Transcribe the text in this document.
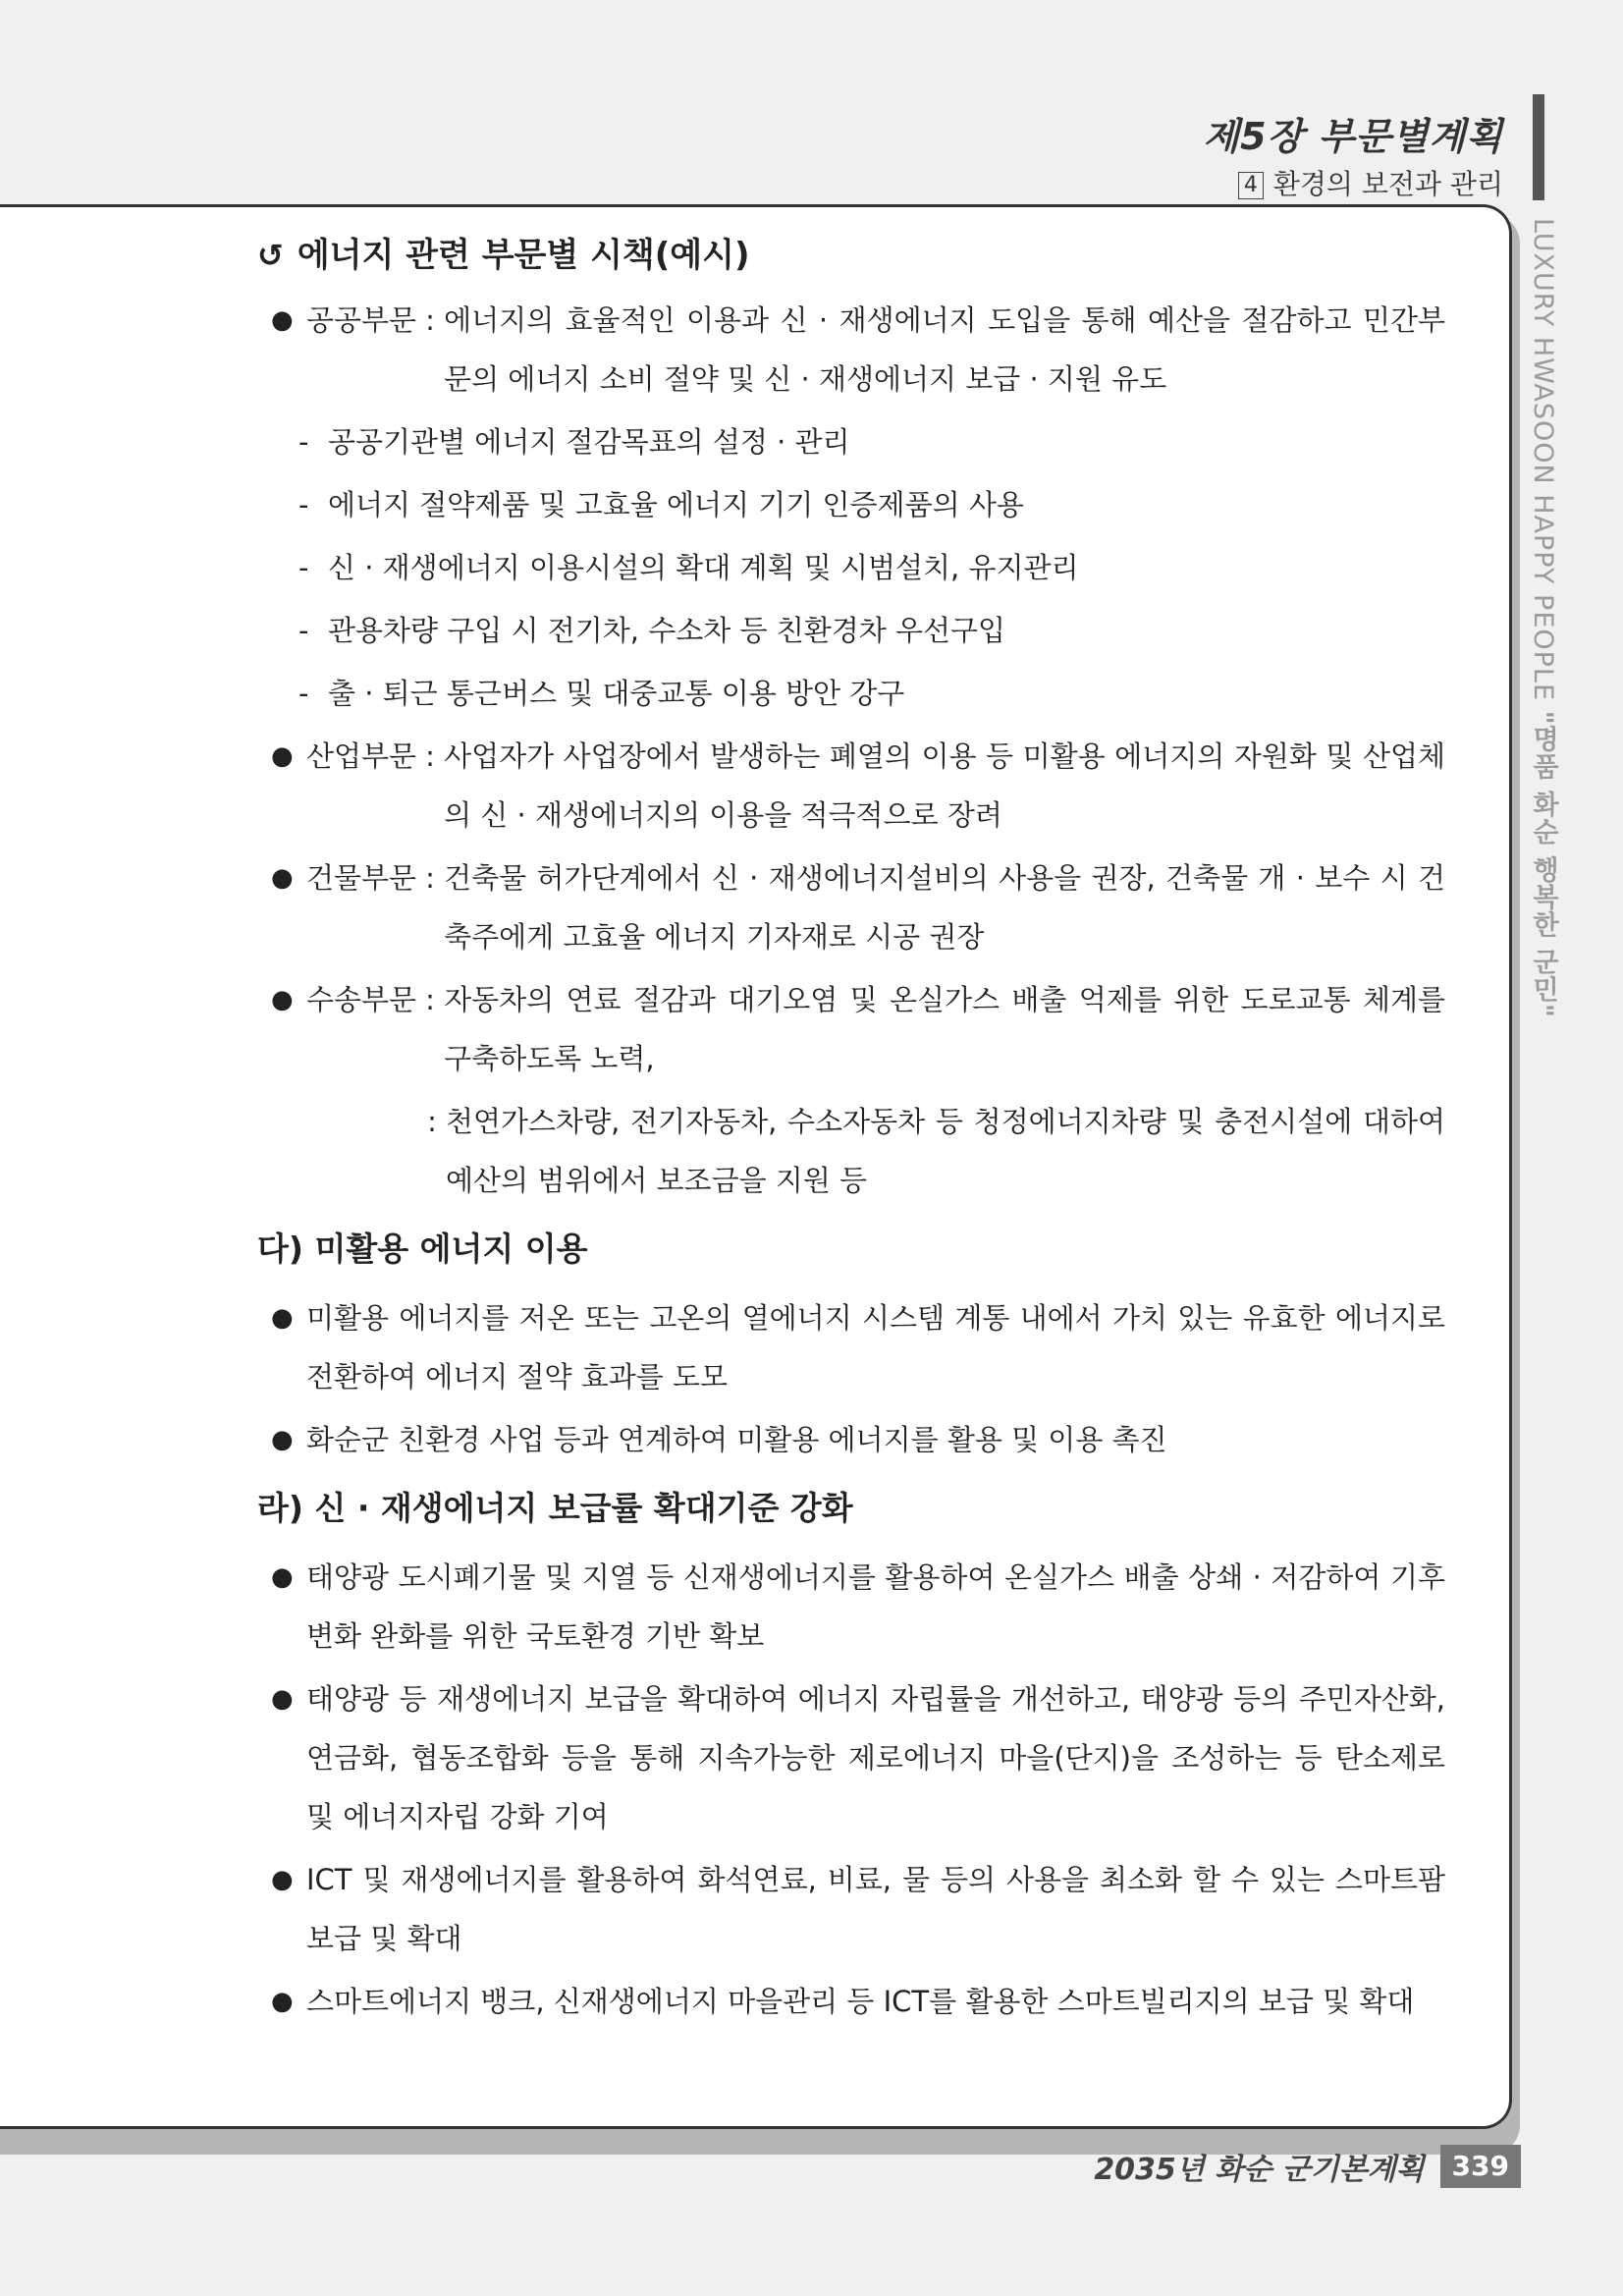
제5장 부문별계획
4 환경의 보전과 관리
LUXURY HWASOON HAPPY PEOPLE "명품 화순 행복한 군민"
↺ 에너지 관련 부문별 시책(예시)
● 공공부문 : 에너지의 효율적인 이용과 신 · 재생에너지 도입을 통해 예산을 절감하고 민간부문의 에너지 소비 절약 및 신 · 재생에너지 보급 · 지원 유도
- 공공기관별 에너지 절감목표의 설정 · 관리
- 에너지 절약제품 및 고효율 에너지 기기 인증제품의 사용
- 신 · 재생에너지 이용시설의 확대 계획 및 시범설치, 유지관리
- 관용차량 구입 시 전기차, 수소차 등 친환경차 우선구입
- 출 · 퇴근 통근버스 및 대중교통 이용 방안 강구
● 산업부문 : 사업자가 사업장에서 발생하는 폐열의 이용 등 미활용 에너지의 자원화 및 산업체의 신 · 재생에너지의 이용을 적극적으로 장려
● 건물부문 : 건축물 허가단계에서 신 · 재생에너지설비의 사용을 권장, 건축물 개 · 보수 시 건축주에게 고효율 에너지 기자재로 시공 권장
● 수송부문 : 자동차의 연료 절감과 대기오염 및 온실가스 배출 억제를 위한 도로교통 체계를 구축하도록 노력,
: 천연가스차량, 전기자동차, 수소자동차 등 청정에너지차량 및 충전시설에 대하여 예산의 범위에서 보조금을 지원 등
다) 미활용 에너지 이용
● 미활용 에너지를 저온 또는 고온의 열에너지 시스템 계통 내에서 가치 있는 유효한 에너지로 전환하여 에너지 절약 효과를 도모
● 화순군 친환경 사업 등과 연계하여 미활용 에너지를 활용 및 이용 촉진
라) 신 · 재생에너지 보급률 확대기준 강화
● 태양광 도시폐기물 및 지열 등 신재생에너지를 활용하여 온실가스 배출 상쇄 · 저감하여 기후변화 완화를 위한 국토환경 기반 확보
● 태양광 등 재생에너지 보급을 확대하여 에너지 자립률을 개선하고, 태양광 등의 주민자산화, 연금화, 협동조합화 등을 통해 지속가능한 제로에너지 마을(단지)을 조성하는 등 탄소제로 및 에너지자립 강화 기여
● ICT 및 재생에너지를 활용하여 화석연료, 비료, 물 등의 사용을 최소화 할 수 있는 스마트팜 보급 및 확대
● 스마트에너지 뱅크, 신재생에너지 마을관리 등 ICT를 활용한 스마트빌리지의 보급 및 확대
2035년 화순 군기본계획	339
